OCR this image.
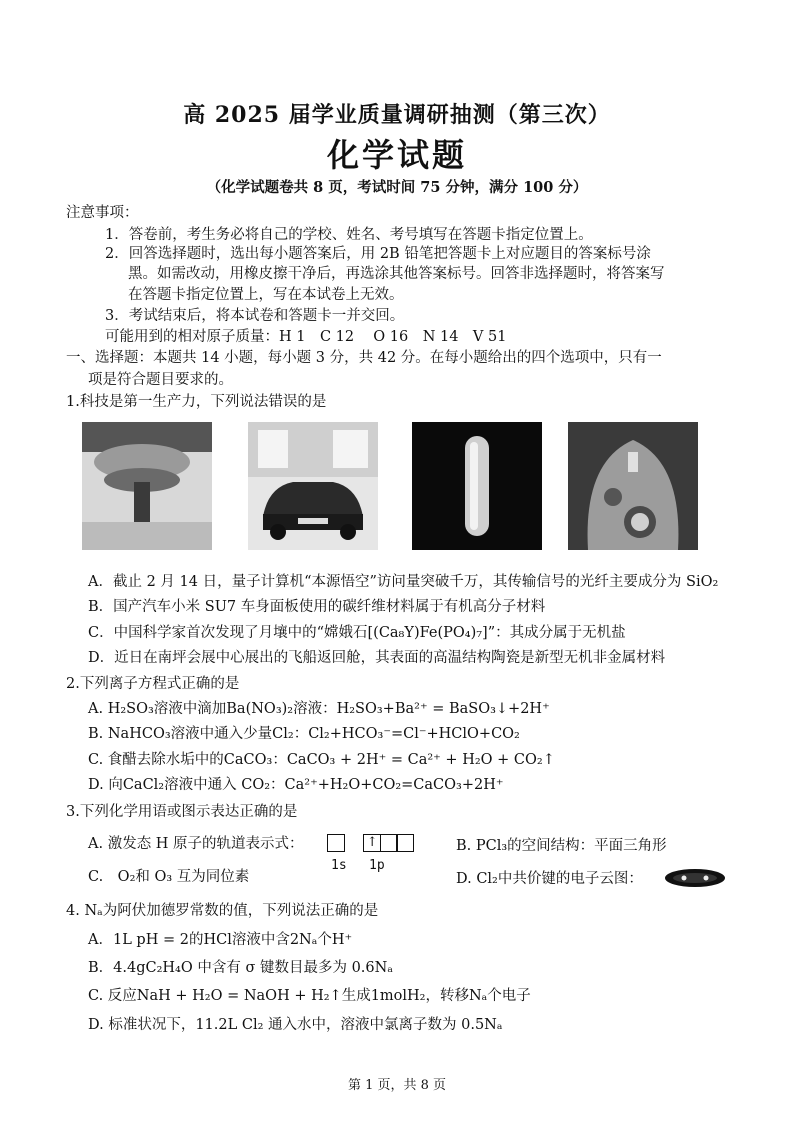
高 2025 届学业质量调研抽测（第三次）
化学试题
（化学试题卷共 8 页，考试时间 75 分钟，满分 100 分）
注意事项：
1．答卷前，考生务必将自己的学校、姓名、考号填写在答题卡指定位置上。
2．回答选择题时，选出每小题答案后，用 2B 铅笔把答题卡上对应题目的答案标号涂
黑。如需改动，用橡皮擦干净后，再选涂其他答案标号。回答非选择题时，将答案写
在答题卡指定位置上，写在本试卷上无效。
3．考试结束后，将本试卷和答题卡一并交回。
可能用到的相对原子质量：H 1　C 12　 O 16　N 14　V 51
一、选择题：本题共 14 小题，每小题 3 分，共 42 分。在每小题给出的四个选项中，只有一
项是符合题目要求的。
1.科技是第一生产力，下列说法错误的是
A．截止 2 月 14 日，量子计算机“本源悟空”访问量突破千万，其传输信号的光纤主要成分为 SiO₂
B．国产汽车小米 SU7 车身面板使用的碳纤维材料属于有机高分子材料
C．中国科学家首次发现了月壤中的“嫦娥石[(Ca₈Y)Fe(PO₄)₇]”：其成分属于无机盐
D．近日在南坪会展中心展出的飞船返回舱，其表面的高温结构陶瓷是新型无机非金属材料
2.下列离子方程式正确的是
A. H₂SO₃溶液中滴加Ba(NO₃)₂溶液：H₂SO₃+Ba²⁺ = BaSO₃↓+2H⁺
B. NaHCO₃溶液中通入少量Cl₂：Cl₂+HCO₃⁻=Cl⁻+HClO+CO₂
C. 食醋去除水垢中的CaCO₃：CaCO₃ + 2H⁺ = Ca²⁺ + H₂O + CO₂↑
D. 向CaCl₂溶液中通入 CO₂：Ca²⁺+H₂O+CO₂=CaCO₃+2H⁺
3.下列化学用语或图示表达正确的是
A. 激发态 H 原子的轨道表示式：	↑
1s 1p
B. PCl₃的空间结构：平面三角形
C.　O₂和 O₃ 互为同位素	D. Cl₂中共价键的电子云图：
4. Nₐ为阿伏加德罗常数的值，下列说法正确的是
A．1L pH = 2的HCl溶液中含2Nₐ个H⁺
B．4.4gC₂H₄O 中含有 σ 键数目最多为 0.6Nₐ
C. 反应NaH + H₂O = NaOH + H₂↑生成1molH₂，转移Nₐ个电子
D. 标准状况下，11.2L Cl₂ 通入水中，溶液中氯离子数为 0.5Nₐ
第 1 页，共 8 页
